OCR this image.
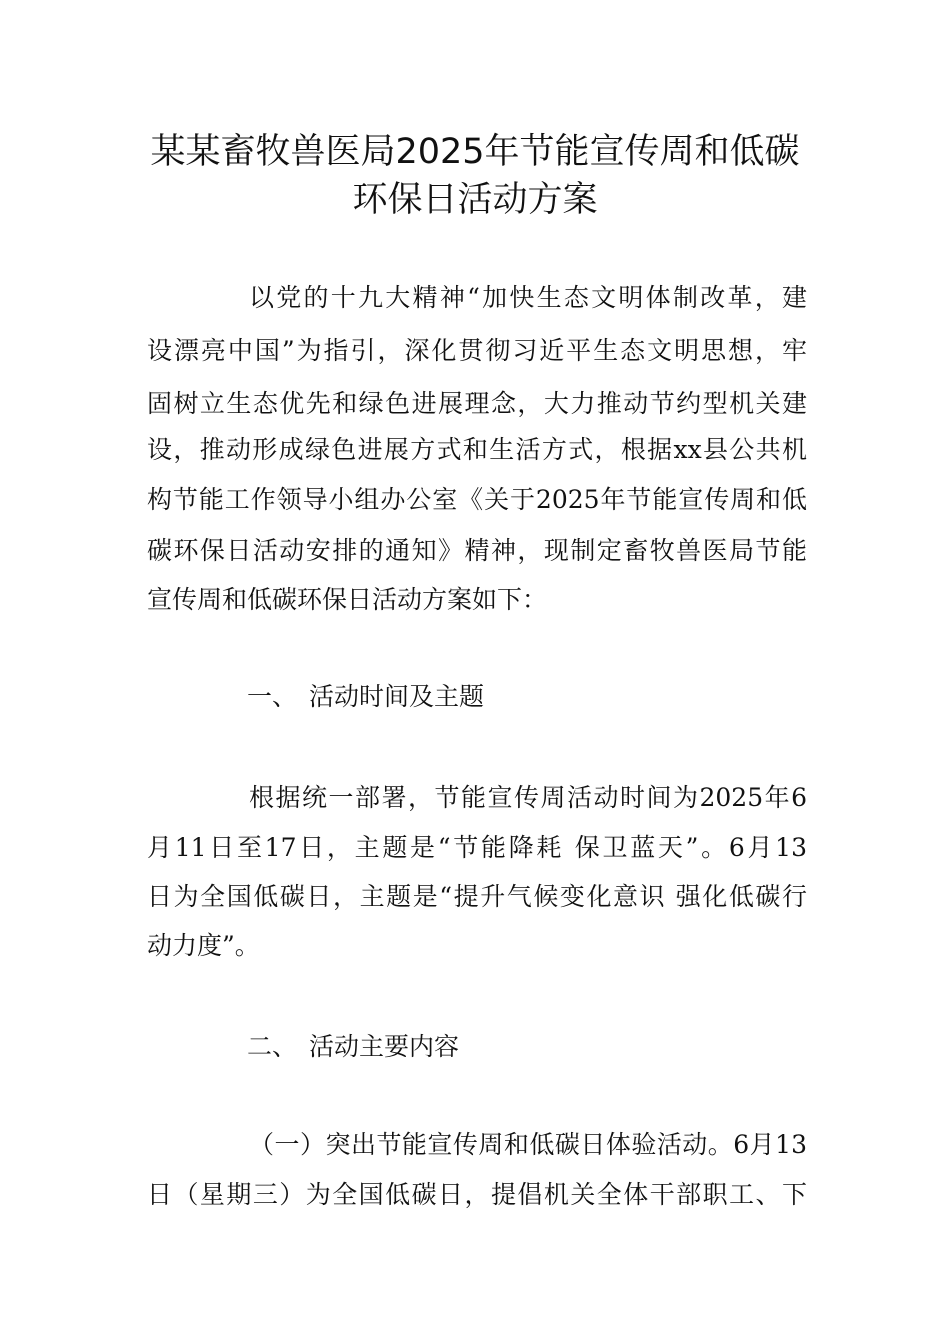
某某畜牧兽医局2025年节能宣传周和低碳
环保日活动方案
以党的十九大精神“加快生态文明体制改革，建
设漂亮中国”为指引，深化贯彻习近平生态文明思想，牢
固树立生态优先和绿色进展理念，大力推动节约型机关建
设，推动形成绿色进展方式和生活方式，根据xx县公共机
构节能工作领导小组办公室《关于2025年节能宣传周和低
碳环保日活动安排的通知》精神，现制定畜牧兽医局节能
宣传周和低碳环保日活动方案如下：
一、 活动时间及主题
根据统一部署，节能宣传周活动时间为2025年6
月11日至17日，主题是“节能降耗 保卫蓝天”。6月13
日为全国低碳日，主题是“提升气候变化意识 强化低碳行
动力度”。
二、 活动主要内容
（一）突出节能宣传周和低碳日体验活动。6月13
日（星期三）为全国低碳日，提倡机关全体干部职工、下
